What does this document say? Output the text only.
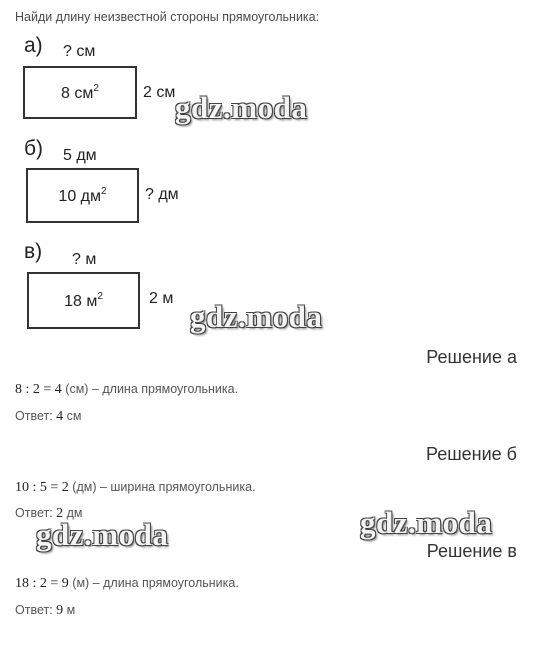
Найди длину неизвестной стороны прямоугольника:
а) ? см
8 $см^2$	2 см
б) 5 дм
10 $дм^2$ ? дм
в) ? м
18 $м^2$	2 м
gdz.moda
gdz.moda
gdz.moda	gdz.moda
Решение а
8 : 2 = 4 (см) – длина прямоугольника.
Ответ: 4 см
Решение б
10 : 5 = 2 (дм) – ширина прямоугольника.
Ответ: 2 дм
Решение в
18 : 2 = 9 (м) – длина прямоугольника.
Ответ: 9 м
